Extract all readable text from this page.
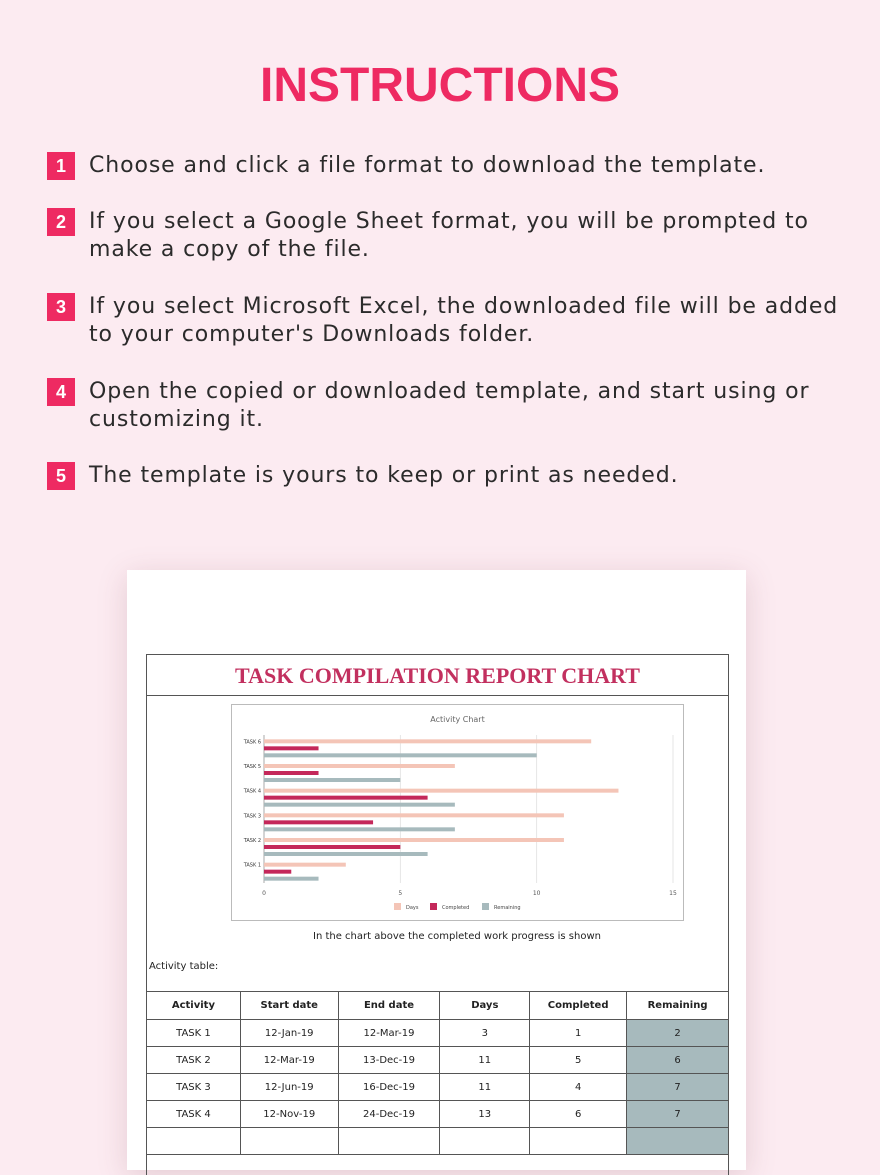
INSTRUCTIONS
1	Choose and click a file format to download the template.
2	If you select a Google Sheet format, you will be prompted to make a copy of the file.
3	If you select Microsoft Excel, the downloaded file will be added to your computer's Downloads folder.
4	Open the copied or downloaded template, and start using or customizing it.
5	The template is yours to keep or print as needed.
TASK COMPILATION REPORT CHART
Activity Chart
0	5	10	15
TASK 1
TASK 2
TASK 3
TASK 4
TASK 5
TASK 6
Days	Completed	Remaining
In the chart above the completed work progress is shown
Activity table:
Activity	Start date	End date	Days	Completed	Remaining
TASK 1	12-Jan-19	12-Mar-19	3	1	2
TASK 2	12-Mar-19	13-Dec-19	11	5	6
TASK 3	12-Jun-19	16-Dec-19	11	4	7
TASK 4	12-Nov-19	24-Dec-19	13	6	7
